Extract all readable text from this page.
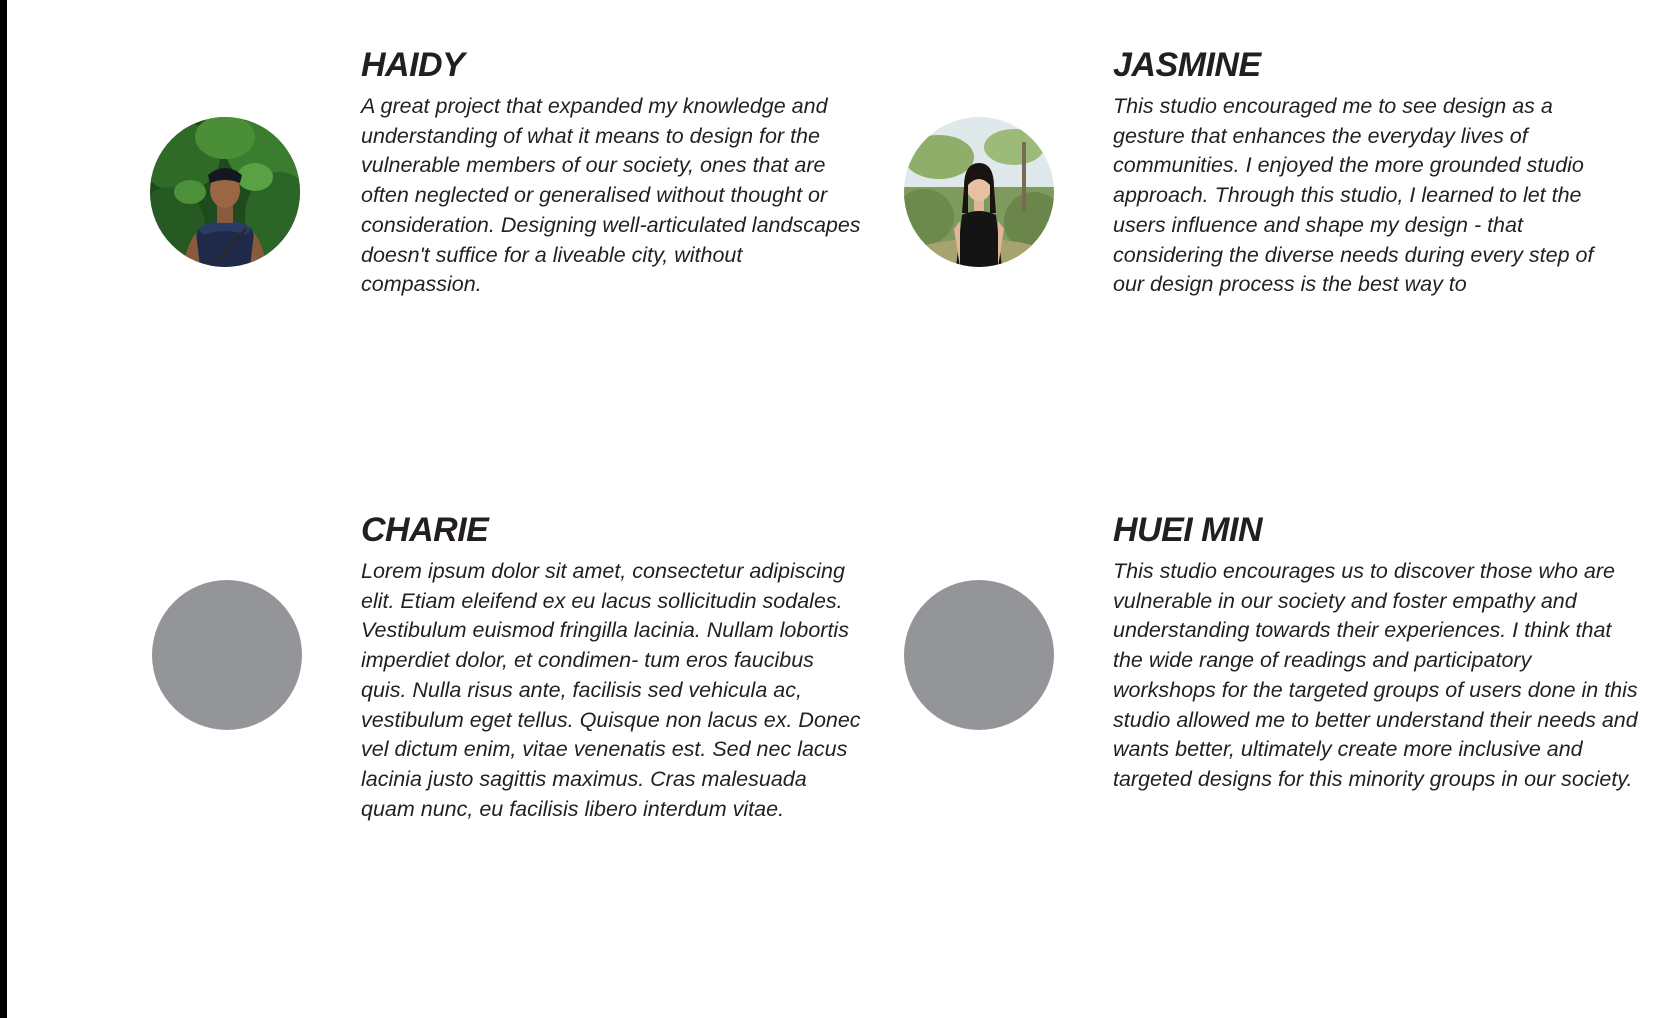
HAIDY

A great project that expanded my knowledge and understanding of what it means to design for the vulnerable members of our society, ones that are often neglected or generalised without thought or consideration. Designing well-articulated landscapes doesn't suffice for a liveable city, without compassion.

JASMINE

This studio encouraged me to see design as a gesture that enhances the everyday lives of communities. I enjoyed the more grounded studio approach. Through this studio, I learned to let the users influence and shape my design - that considering the diverse needs during every step of our design process is the best way to

CHARIE

Lorem ipsum dolor sit amet, consectetur adipiscing elit. Etiam eleifend ex eu lacus sollicitudin sodales. Vestibulum euismod fringilla lacinia. Nullam lobortis imperdiet dolor, et condimen- tum eros faucibus quis. Nulla risus ante, facilisis sed vehicula ac, vestibulum eget tellus. Quisque non lacus ex. Donec vel dictum enim, vitae venenatis est. Sed nec lacus lacinia justo sagittis maximus. Cras malesuada quam nunc, eu facilisis libero interdum vitae.

HUEI MIN

This studio encourages us to discover those who are vulnerable in our society and foster empathy and understanding towards their experiences. I think that the wide range of readings and participatory workshops for the targeted groups of users done in this studio allowed me to better understand their needs and wants better, ultimately create more inclusive and targeted designs for this minority groups in our society.
